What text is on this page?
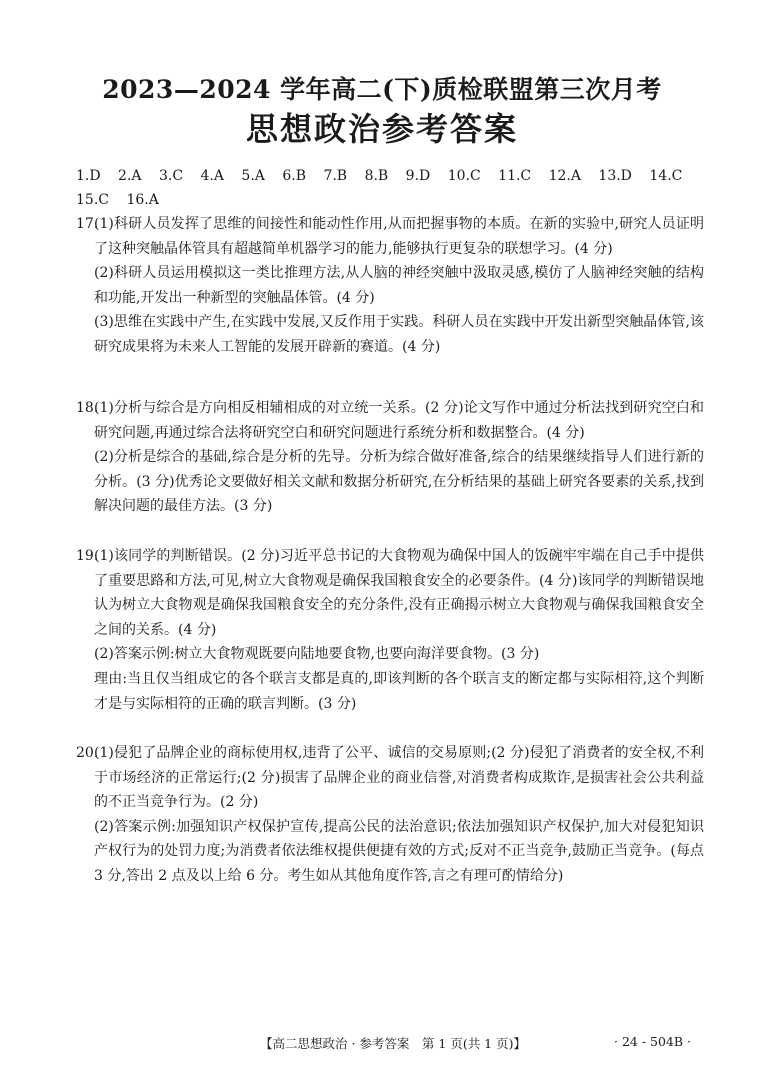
2023—2024 学年高二(下)质检联盟第三次月考
思想政治参考答案
1.D 2.A 3.C 4.A 5.A 6.B 7.B 8.B 9.D 10.C 11.C 12.A 13.D 14.C
15.C 16.A
17.

(1)科研人员发挥了思维的间接性和能动性作用,从而把握事物的本质。在新的实验中,研究人员证明了这种突触晶体管具有超越简单机器学习的能力,能够执行更复杂的联想学习。(4 分)

(2)科研人员运用模拟这一类比推理方法,从人脑的神经突触中汲取灵感,模仿了人脑神经突触的结构和功能,开发出一种新型的突触晶体管。(4 分)

(3)思维在实践中产生,在实践中发展,又反作用于实践。科研人员在实践中开发出新型突触晶体管,该研究成果将为未来人工智能的发展开辟新的赛道。(4 分)

18.

(1)分析与综合是方向相反相辅相成的对立统一关系。(2 分)论文写作中通过分析法找到研究空白和研究问题,再通过综合法将研究空白和研究问题进行系统分析和数据整合。(4 分)

(2)分析是综合的基础,综合是分析的先导。分析为综合做好准备,综合的结果继续指导人们进行新的分析。(3 分)优秀论文要做好相关文献和数据分析研究,在分析结果的基础上研究各要素的关系,找到解决问题的最佳方法。(3 分)

19.

(1)该同学的判断错误。(2 分)习近平总书记的大食物观为确保中国人的饭碗牢牢端在自己手中提供了重要思路和方法,可见,树立大食物观是确保我国粮食安全的必要条件。(4 分)该同学的判断错误地认为树立大食物观是确保我国粮食安全的充分条件,没有正确揭示树立大食物观与确保我国粮食安全之间的关系。(4 分)

(2)答案示例:树立大食物观既要向陆地要食物,也要向海洋要食物。(3 分)

理由:当且仅当组成它的各个联言支都是真的,即该判断的各个联言支的断定都与实际相符,这个判断才是与实际相符的正确的联言判断。(3 分)

20.

(1)侵犯了品牌企业的商标使用权,违背了公平、诚信的交易原则;(2 分)侵犯了消费者的安全权,不利于市场经济的正常运行;(2 分)损害了品牌企业的商业信誉,对消费者构成欺诈,是损害社会公共利益的不正当竞争行为。(2 分)

(2)答案示例:加强知识产权保护宣传,提高公民的法治意识;依法加强知识产权保护,加大对侵犯知识产权行为的处罚力度;为消费者依法维权提供便捷有效的方式;反对不正当竞争,鼓励正当竞争。(每点 3 分,答出 2 点及以上给 6 分。考生如从其他角度作答,言之有理可酌情给分)

【高二思想政治 · 参考答案　第 1 页(共 1 页)】	· 24 - 504B ·
